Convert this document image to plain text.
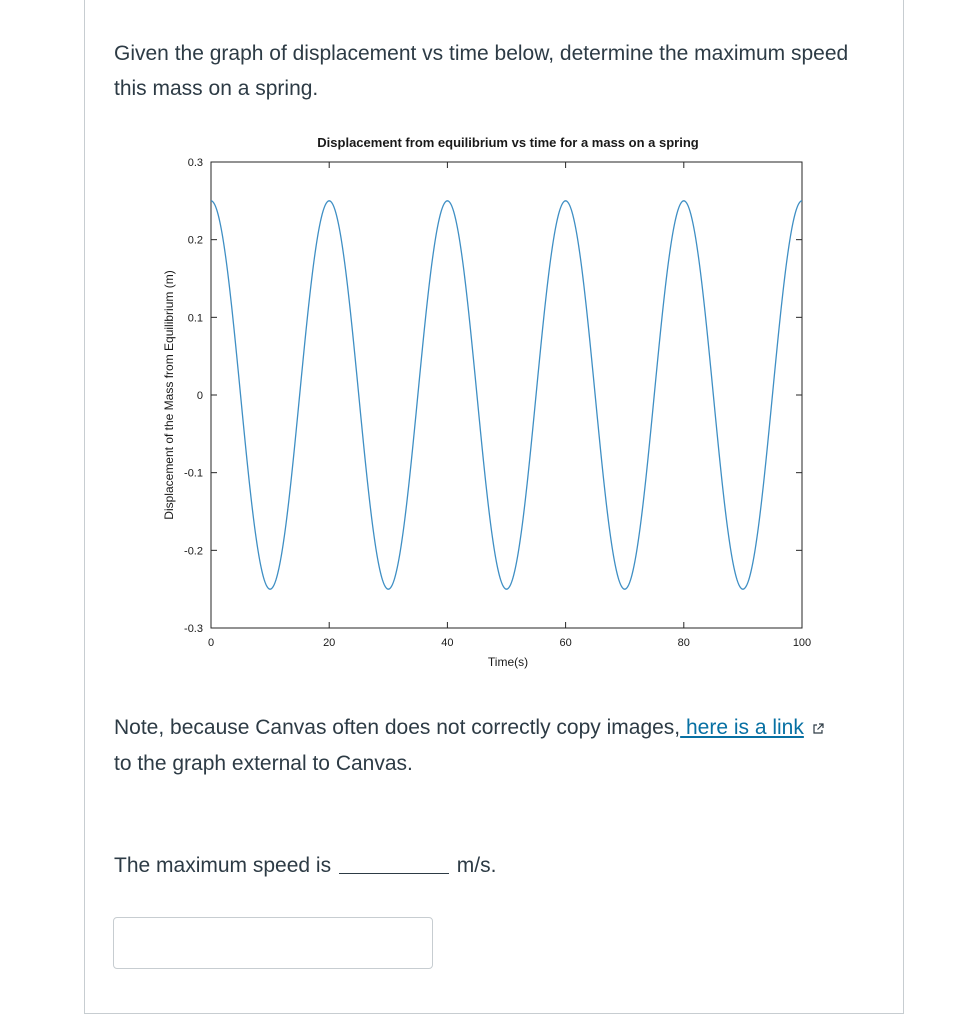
Given the graph of displacement vs time below, determine the maximum speed this mass on a spring.

Displacement from equilibrium vs time for a mass on a spring
Displacement of the Mass from Equilibrium (m)
Time(s)
0	20	40	60	80	100
0.3
0.2
0.1
0
-0.1
-0.2
-0.3

Note, because Canvas often does not correctly copy images, here is a link
to the graph external to Canvas.

The maximum speed is	m/s.
